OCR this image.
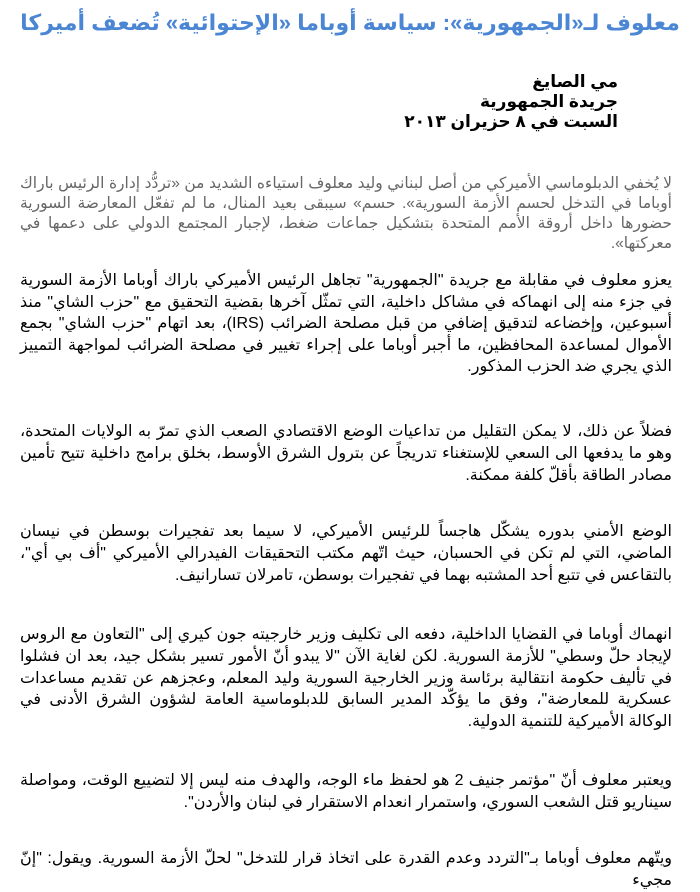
معلوف لـ«الجمهورية»: سياسة أوباما «الإحتوائية» تُضعف أميركا
مي الصايغ
جريدة الجمهورية
السبت في ٨ حزيران ٢٠١٣

لا يُخفي الدبلوماسي الأميركي من أصل لبناني وليد معلوف استياءه الشديد من «تردُّد إدارة الرئيس باراك أوباما في التدخل لحسم الأزمة السورية». حسم» سيبقى بعيد المنال، ما لم تفعّل المعارضة السورية حضورها داخل أروقة الأمم المتحدة بتشكيل جماعات ضغط، لإجبار المجتمع الدولي على دعمها في معركتها».

يعزو معلوف في مقابلة مع جريدة "الجمهورية" تجاهل الرئيس الأميركي باراك أوباما الأزمة السورية في جزء منه إلى انهماكه في مشاكل داخلية، التي تمثّل آخرها بقضية التحقيق مع "حزب الشاي" منذ أسبوعين، وإخضاعه لتدقيق إضافي من قبل مصلحة الضرائب (IRS)، بعد اتهام "حزب الشاي" بجمع الأموال لمساعدة المحافظين، ما أجبر أوباما على إجراء تغيير في مصلحة الضرائب لمواجهة التمييز الذي يجري ضد الحزب المذكور.

فضلاً عن ذلك، لا يمكن التقليل من تداعيات الوضع الاقتصادي الصعب الذي تمرّ به الولايات المتحدة، وهو ما يدفعها الى السعي للإستغناء تدريجاً عن بترول الشرق الأوسط، بخلق برامج داخلية تتيح تأمين مصادر الطاقة بأقلّ كلفة ممكنة.

الوضع الأمني بدوره يشكّل هاجساً للرئيس الأميركي، لا سيما بعد تفجيرات بوسطن في نيسان الماضي، التي لم تكن في الحسبان، حيث اتّهم مكتب التحقيقات الفيدرالي الأميركي "أف بي أي"، بالتقاعس في تتبع أحد المشتبه بهما في تفجيرات بوسطن، تامرلان تسارانيف.

انهماك أوباما في القضايا الداخلية، دفعه الى تكليف وزير خارجيته جون كيري إلى "التعاون مع الروس لإيجاد حلّ وسطي" للأزمة السورية. لكن لغاية الآن "لا يبدو أنّ الأمور تسير بشكل جيد، بعد ان فشلوا في تأليف حكومة انتقالية برئاسة وزير الخارجية السورية وليد المعلم، وعجزهم عن تقديم مساعدات عسكرية للمعارضة"، وفق ما يؤكّد المدير السابق للدبلوماسية العامة لشؤون الشرق الأدنى في الوكالة الأميركية للتنمية الدولية.

ويعتبر معلوف أنّ "مؤتمر جنيف 2 هو لحفظ ماء الوجه، والهدف منه ليس إلا لتضييع الوقت، ومواصلة سيناريو قتل الشعب السوري، واستمرار انعدام الاستقرار في لبنان والأردن".

ويتّهم معلوف أوباما بـ"التردد وعدم القدرة على اتخاذ قرار للتدخل" لحلّ الأزمة السورية. ويقول: "إنّ مجيء
